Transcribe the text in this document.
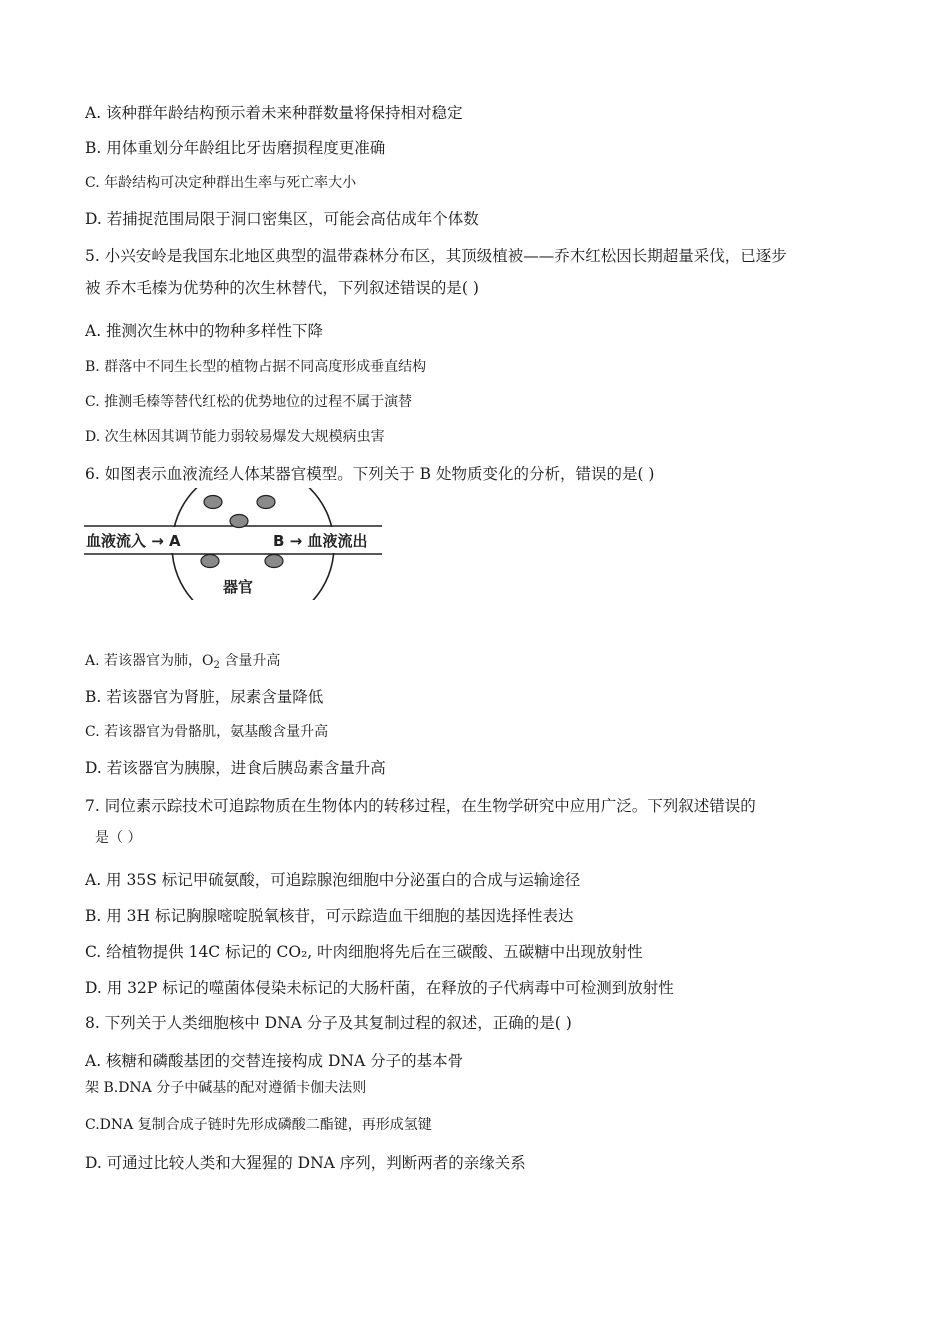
A. 该种群年龄结构预示着未来种群数量将保持相对稳定
B. 用体重划分年龄组比牙齿磨损程度更准确
C. 年龄结构可决定种群出生率与死亡率大小
D. 若捕捉范围局限于洞口密集区，可能会高估成年个体数
5. 小兴安岭是我国东北地区典型的温带森林分布区，其顶级植被——乔木红松因长期超量采伐，已逐步
被 乔木毛榛为优势种的次生林替代，下列叙述错误的是( )
A. 推测次生林中的物种多样性下降
B. 群落中不同生长型的植物占据不同高度形成垂直结构
C. 推测毛榛等替代红松的优势地位的过程不属于演替
D. 次生林因其调节能力弱较易爆发大规模病虫害
6. 如图表示血液流经人体某器官模型。下列关于 B 处物质变化的分析，错误的是( )
血液流入 → A	B → 血液流出
器官
A. 若该器官为肺，$O_2$ 含量升高
B. 若该器官为肾脏，尿素含量降低
C. 若该器官为骨骼肌，氨基酸含量升高
D. 若该器官为胰腺，进食后胰岛素含量升高
7. 同位素示踪技术可追踪物质在生物体内的转移过程，在生物学研究中应用广泛。下列叙述错误的
是（ ）
A. 用 35S 标记甲硫氨酸，可追踪腺泡细胞中分泌蛋白的合成与运输途径
B. 用 3H 标记胸腺嘧啶脱氧核苷，可示踪造血干细胞的基因选择性表达
C. 给植物提供 14C 标记的 CO₂, 叶肉细胞将先后在三碳酸、五碳糖中出现放射性
D. 用 32P 标记的噬菌体侵染未标记的大肠杆菌，在释放的子代病毒中可检测到放射性
8. 下列关于人类细胞核中 DNA 分子及其复制过程的叙述，正确的是( )
A. 核糖和磷酸基团的交替连接构成 DNA 分子的基本骨
架 B.DNA 分子中碱基的配对遵循卡伽夫法则
C.DNA 复制合成子链时先形成磷酸二酯键，再形成氢键
D. 可通过比较人类和大猩猩的 DNA 序列，判断两者的亲缘关系
